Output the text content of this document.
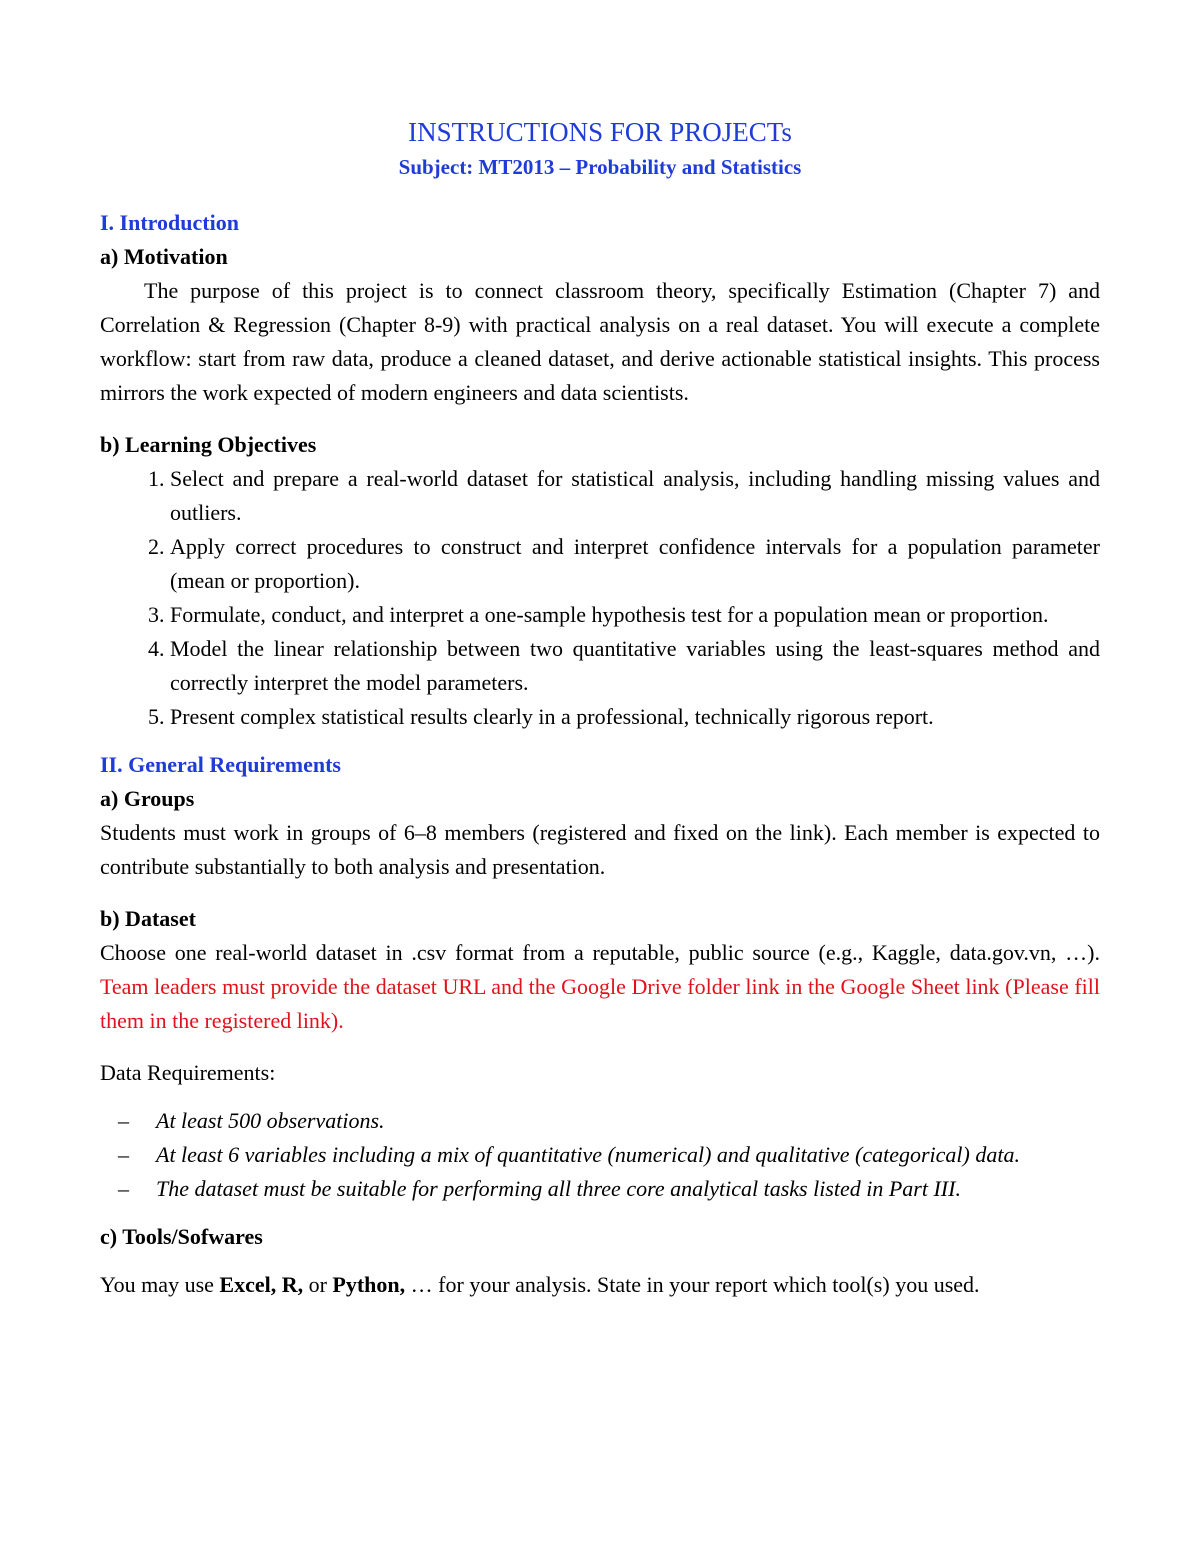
INSTRUCTIONS FOR PROJECTs

Subject: MT2013 – Probability and Statistics

I. Introduction

a) Motivation

The purpose of this project is to connect classroom theory, specifically Estimation (Chapter 7) and Correlation & Regression (Chapter 8-9) with practical analysis on a real dataset. You will execute a complete workflow: start from raw data, produce a cleaned dataset, and derive actionable statistical insights. This process mirrors the work expected of modern engineers and data scientists.

b) Learning Objectives

1. Select and prepare a real-world dataset for statistical analysis, including handling missing values and outliers.
2. Apply correct procedures to construct and interpret confidence intervals for a population parameter (mean or proportion).
3. Formulate, conduct, and interpret a one-sample hypothesis test for a population mean or proportion.
4. Model the linear relationship between two quantitative variables using the least-squares method and correctly interpret the model parameters.
5. Present complex statistical results clearly in a professional, technically rigorous report.

II. General Requirements

a) Groups

Students must work in groups of 6–8 members (registered and fixed on the link). Each member is expected to contribute substantially to both analysis and presentation.

b) Dataset

Choose one real-world dataset in .csv format from a reputable, public source (e.g., Kaggle, data.gov.vn, …). Team leaders must provide the dataset URL and the Google Drive folder link in the Google Sheet link (Please fill them in the registered link).

Data Requirements:

– At least 500 observations.
– At least 6 variables including a mix of quantitative (numerical) and qualitative (categorical) data.
– The dataset must be suitable for performing all three core analytical tasks listed in Part III.

c) Tools/Sofwares

You may use Excel, R, or Python, … for your analysis. State in your report which tool(s) you used.
